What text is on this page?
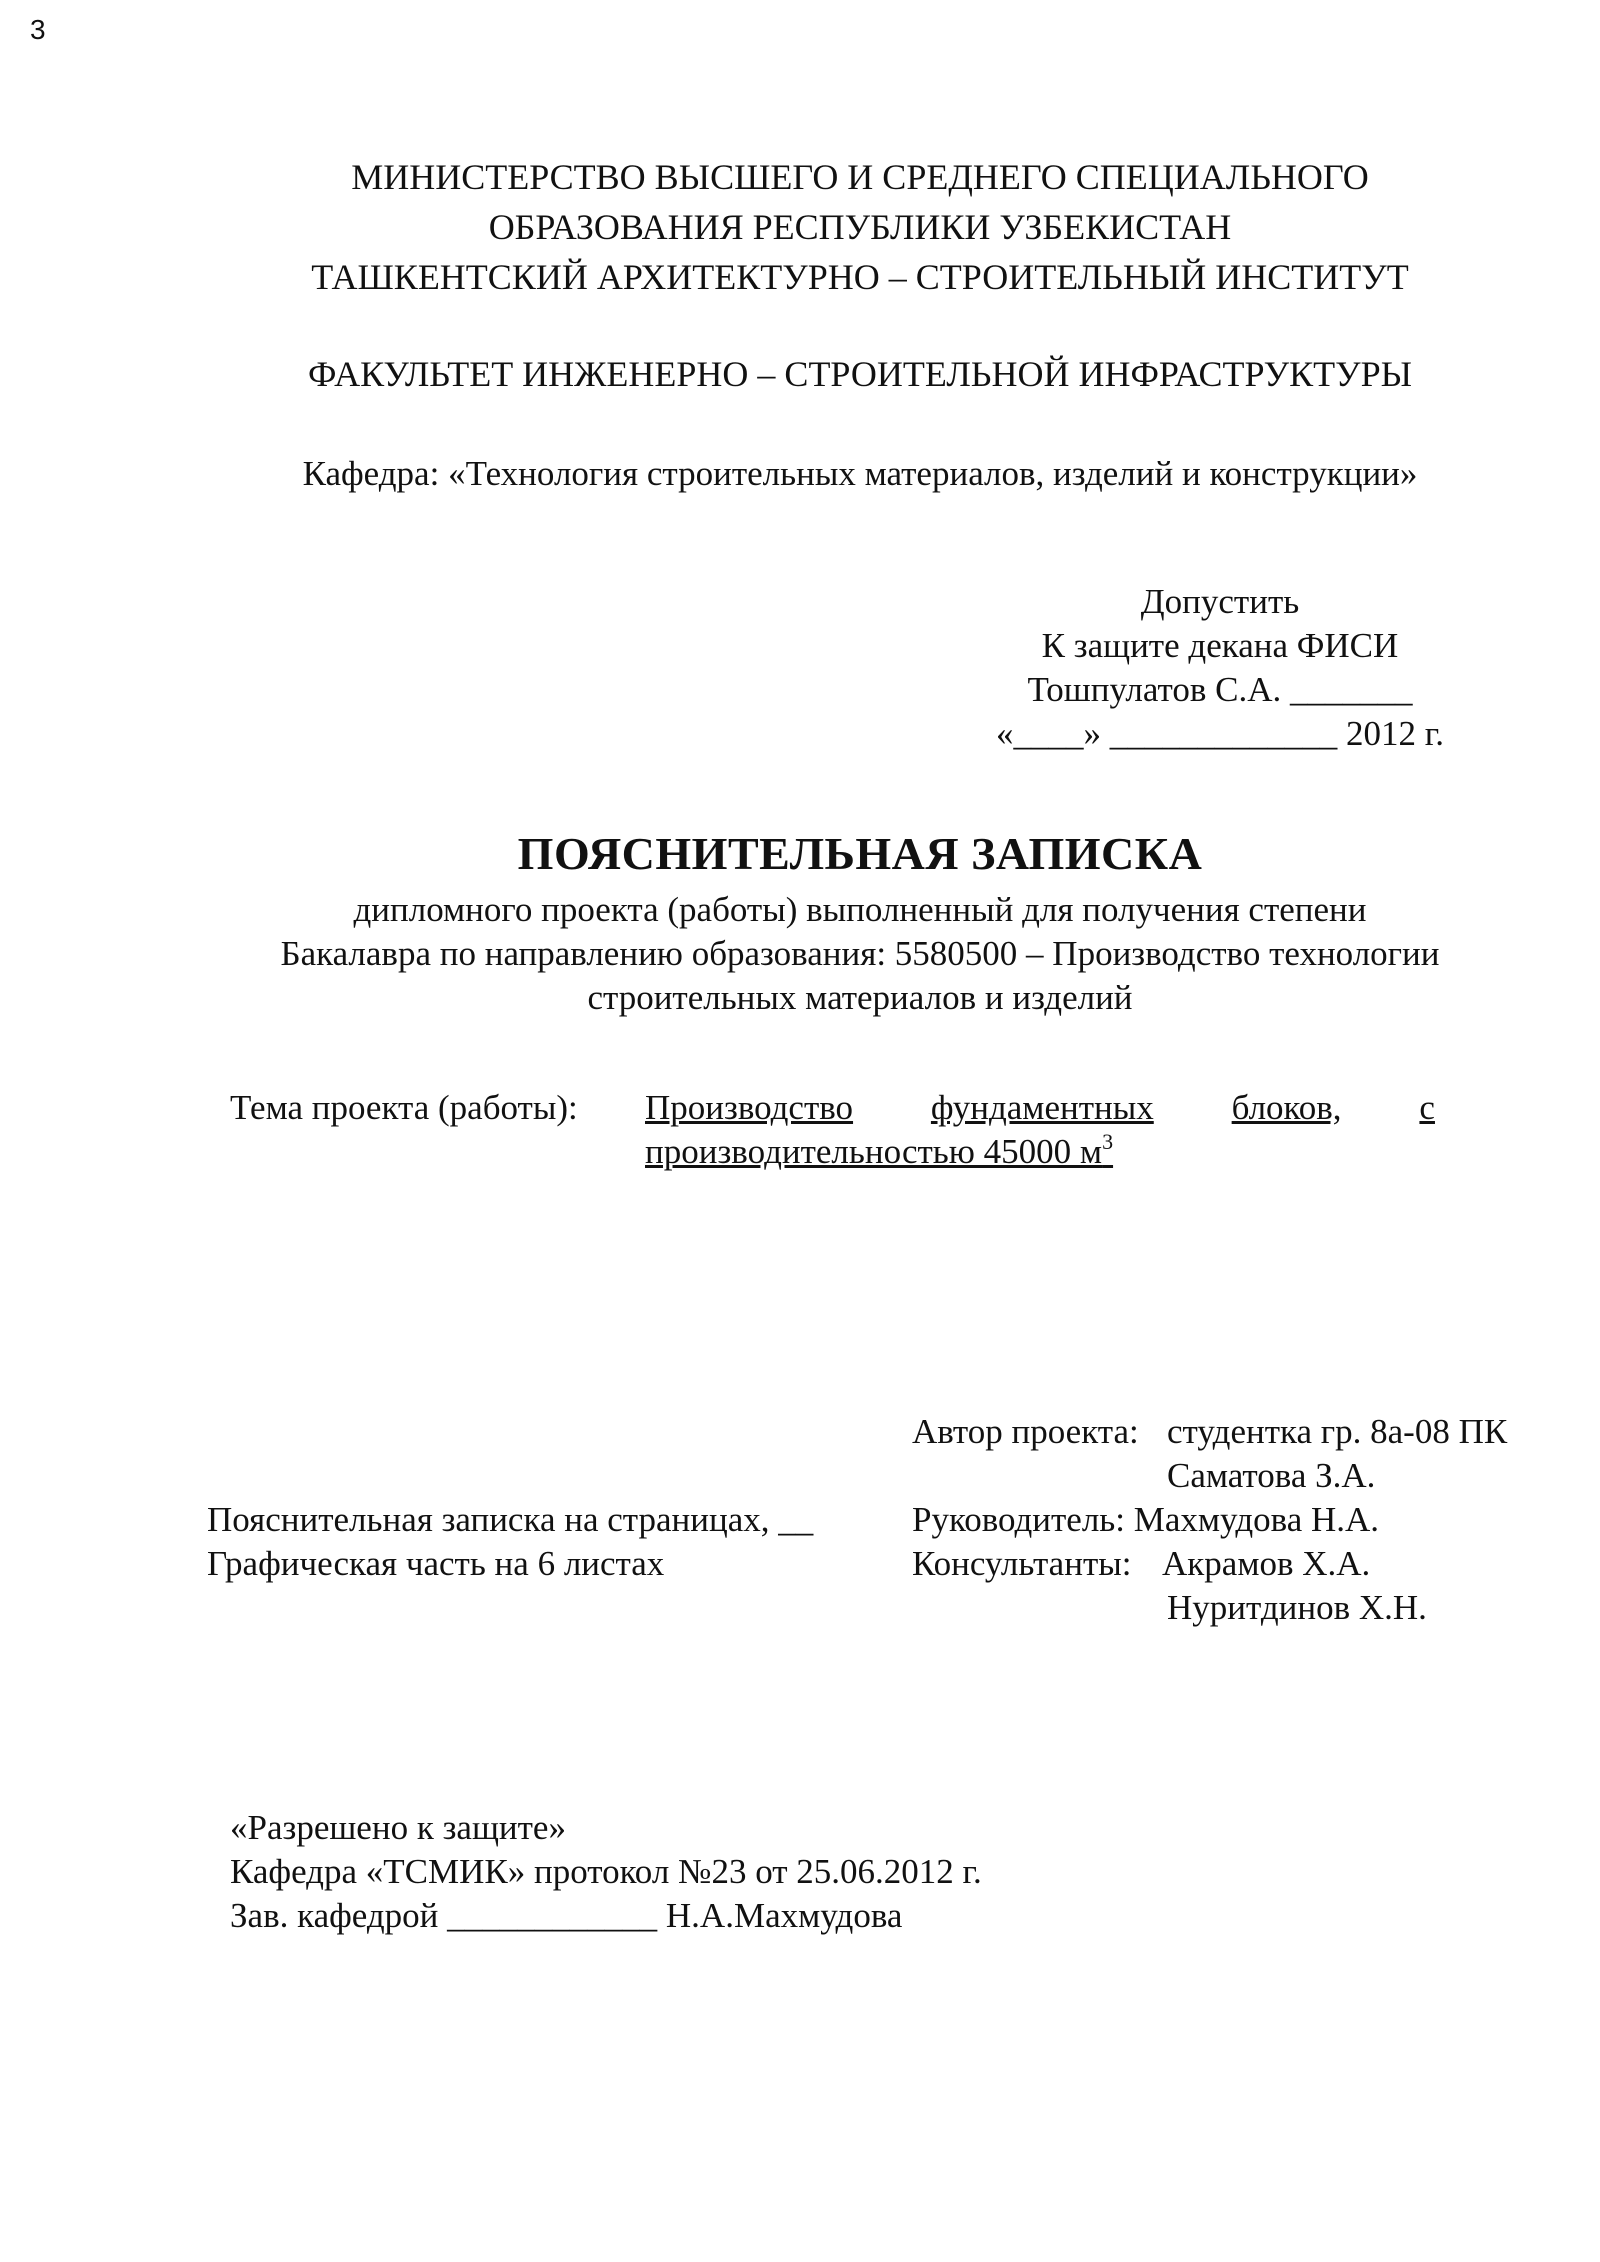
3
МИНИСТЕРСТВО ВЫСШЕГО И СРЕДНЕГО СПЕЦИАЛЬНОГО
ОБРАЗОВАНИЯ РЕСПУБЛИКИ УЗБЕКИСТАН
ТАШКЕНТСКИЙ АРХИТЕКТУРНО – СТРОИТЕЛЬНЫЙ ИНСТИТУТ
ФАКУЛЬТЕТ ИНЖЕНЕРНО – СТРОИТЕЛЬНОЙ ИНФРАСТРУКТУРЫ
Кафедра: «Технология строительных материалов, изделий и конструкции»
Допустить
К защите декана ФИСИ
Тошпулатов С.А. _______
«____» _____________ 2012 г.
ПОЯСНИТЕЛЬНАЯ ЗАПИСКА
дипломного проекта (работы) выполненный для получения степени
Бакалавра по направлению образования: 5580500 – Производство технологии
строительных материалов и изделий
Тема проекта (работы): Производство фундаментных блоков, с
производительностью 45000 $м^3$
Автор проекта: студентка гр. 8а-08 ПК
Саматова З.А.
Пояснительная записка на страницах, __	Руководитель: Махмудова Н.А.
Графическая часть на 6 листах	Консультанты: Акрамов Х.А.
Нуритдинов Х.Н.
«Разрешено к защите»
Кафедра «ТСМИК» протокол №23 от 25.06.2012 г.
Зав. кафедрой ____________ Н.А.Махмудова
